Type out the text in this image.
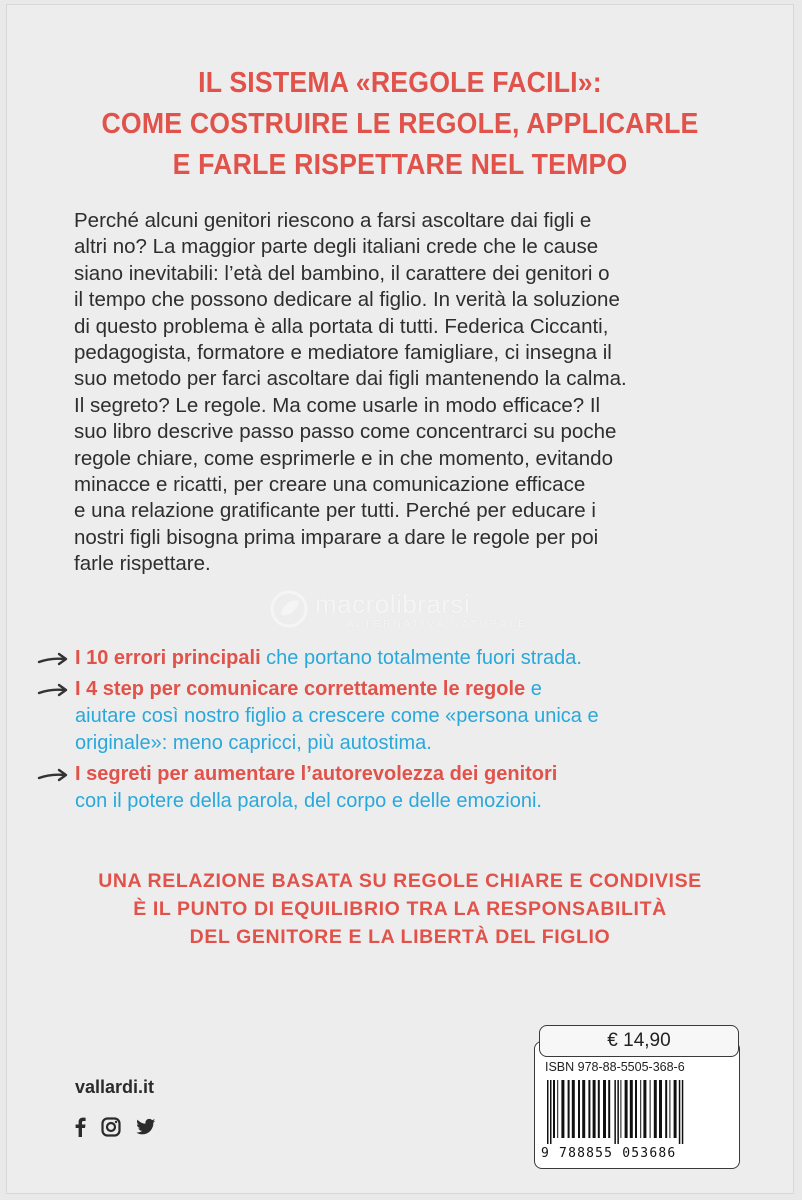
IL SISTEMA «REGOLE FACILI»:
COME COSTRUIRE LE REGOLE, APPLICARLE
E FARLE RISPETTARE NEL TEMPO
Perché alcuni genitori riescono a farsi ascoltare dai figli e
altri no? La maggior parte degli italiani crede che le cause
siano inevitabili: l’età del bambino, il carattere dei genitori o
il tempo che possono dedicare al figlio. In verità la soluzione
di questo problema è alla portata di tutti. Federica Ciccanti,
pedagogista, formatore e mediatore famigliare, ci insegna il
suo metodo per farci ascoltare dai figli mantenendo la calma.
Il segreto? Le regole. Ma come usarle in modo efficace? Il
suo libro descrive passo passo come concentrarci su poche
regole chiare, come esprimerle e in che momento, evitando
minacce e ricatti, per creare una comunicazione efficace
e una relazione gratificante per tutti. Perché per educare i
nostri figli bisogna prima imparare a dare le regole per poi
farle rispettare.
macrolibrarsi
ALTERNATIVA NATURALE
I 10 errori principali che portano totalmente fuori strada.
I 4 step per comunicare correttamente le regole e
aiutare così nostro figlio a crescere come «persona unica e
originale»: meno capricci, più autostima.
I segreti per aumentare l’autorevolezza dei genitori
con il potere della parola, del corpo e delle emozioni.
UNA RELAZIONE BASATA SU REGOLE CHIARE E CONDIVISE
È IL PUNTO DI EQUILIBRIO TRA LA RESPONSABILITÀ
DEL GENITORE E LA LIBERTÀ DEL FIGLIO
vallardi.it

ISBN 978-88-5505-368-6
9 788855 053686
€ 14,90
